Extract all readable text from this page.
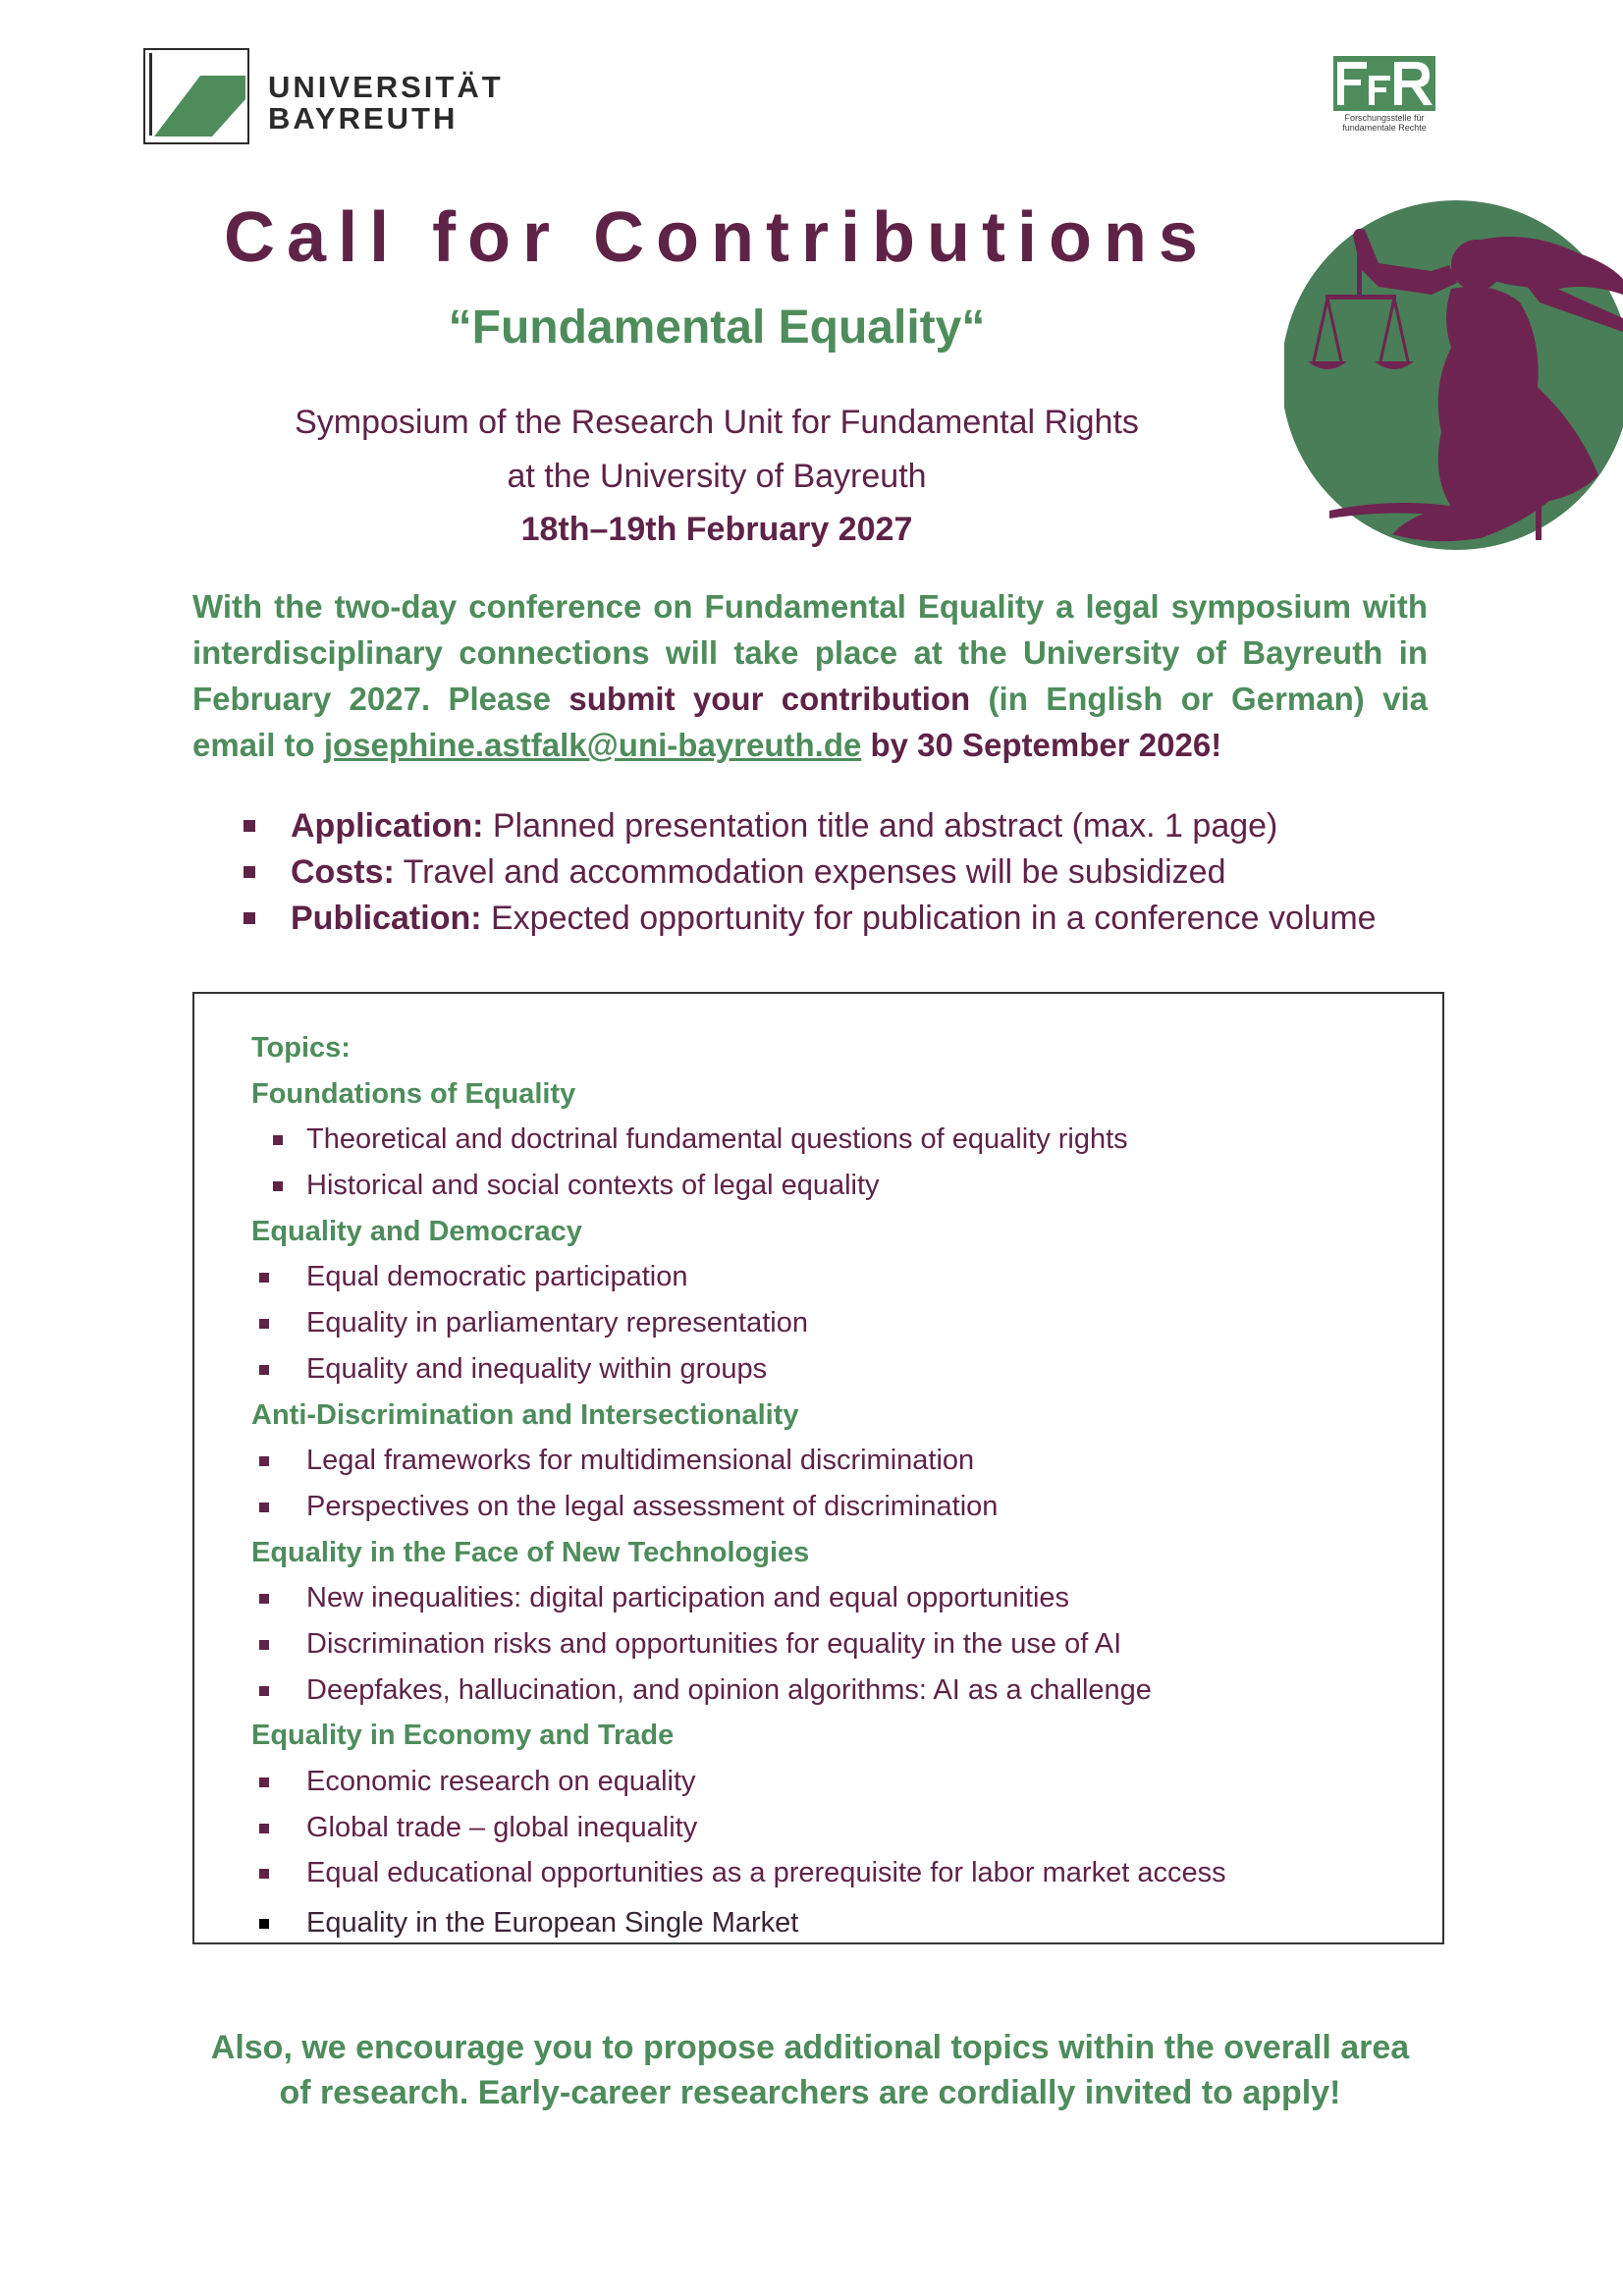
UNIVERSITÄT
BAYREUTH	Forschungsstelle für
fundamentale Rechte
Call for Contributions
“Fundamental Equality“
Symposium of the Research Unit for Fundamental Rights
at the University of Bayreuth
18th–19th February 2027
With the two-day conference on Fundamental Equality a legal symposium with interdisciplinary connections will take place at the University of Bayreuth in February 2027. Please submit your contribution (in English or German) via email to josephine.astfalk@uni-bayreuth.de by 30 September 2026!
Application: Planned presentation title and abstract (max. 1 page)
Costs: Travel and accommodation expenses will be subsidized
Publication: Expected opportunity for publication in a conference volume
Topics:
Foundations of Equality
Theoretical and doctrinal fundamental questions of equality rights
Historical and social contexts of legal equality
Equality and Democracy
Equal democratic participation
Equality in parliamentary representation
Equality and inequality within groups
Anti-Discrimination and Intersectionality
Legal frameworks for multidimensional discrimination
Perspectives on the legal assessment of discrimination
Equality in the Face of New Technologies
New inequalities: digital participation and equal opportunities
Discrimination risks and opportunities for equality in the use of AI
Deepfakes, hallucination, and opinion algorithms: AI as a challenge
Equality in Economy and Trade
Economic research on equality
Global trade – global inequality
Equal educational opportunities as a prerequisite for labor market access
Equality in the European Single Market
Also, we encourage you to propose additional topics within the overall area
of research. Early-career researchers are cordially invited to apply!
